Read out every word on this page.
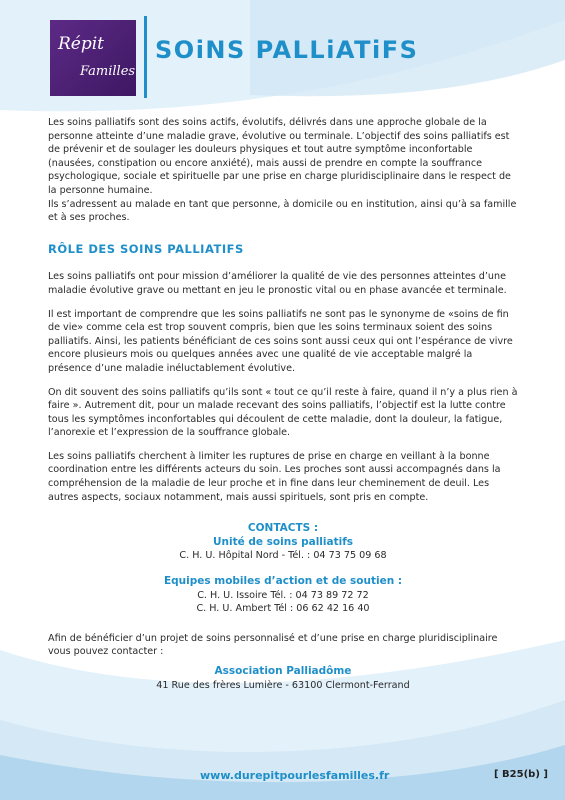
Répit
Familles
SOiNS PALLiATiFS

Les soins palliatifs sont des soins actifs, évolutifs, délivrés dans une approche globale de la personne atteinte d’une maladie grave, évolutive ou terminale. L’objectif des soins palliatifs est de prévenir et de soulager les douleurs physiques et tout autre symptôme inconfortable (nausées, constipation ou encore anxiété), mais aussi de prendre en compte la souffrance psychologique, sociale et spirituelle par une prise en charge pluridisciplinaire dans le respect de la personne humaine.

Ils s’adressent au malade en tant que personne, à domicile ou en institution, ainsi qu’à sa famille et à ses proches.

RÔLE DES SOINS PALLIATIFS

Les soins palliatifs ont pour mission d’améliorer la qualité de vie des personnes atteintes d’une maladie évolutive grave ou mettant en jeu le pronostic vital ou en phase avancée et terminale.

Il est important de comprendre que les soins palliatifs ne sont pas le synonyme de «soins de fin de vie» comme cela est trop souvent compris, bien que les soins terminaux soient des soins palliatifs. Ainsi, les patients bénéficiant de ces soins sont aussi ceux qui ont l’espérance de vivre encore plusieurs mois ou quelques années avec une qualité de vie acceptable malgré la présence d’une maladie inéluctablement évolutive.

On dit souvent des soins palliatifs qu’ils sont « tout ce qu’il reste à faire, quand il n’y a plus rien à faire ». Autrement dit, pour un malade recevant des soins palliatifs, l’objectif est la lutte contre tous les symptômes inconfortables qui découlent de cette maladie, dont la douleur, la fatigue, l’anorexie et l’expression de la souffrance globale.

Les soins palliatifs cherchent à limiter les ruptures de prise en charge en veillant à la bonne coordination entre les différents acteurs du soin. Les proches sont aussi accompagnés dans la compréhension de la maladie de leur proche et in fine dans leur cheminement de deuil. Les autres aspects, sociaux notamment, mais aussi spirituels, sont pris en compte.

CONTACTS :
Unité de soins palliatifs
C. H. U. Hôpital Nord - Tél. : 04 73 75 09 68
Equipes mobiles d’action et de soutien :
C. H. U. Issoire Tél. : 04 73 89 72 72
C. H. U. Ambert Tél : 06 62 42 16 40

Afin de bénéficier d’un projet de soins personnalisé et d’une prise en charge pluridisciplinaire vous pouvez contacter :

Association Palliadôme
41 Rue des frères Lumière - 63100 Clermont-Ferrand
www.durepitpourlesfamilles.fr	[ B25(b) ]
